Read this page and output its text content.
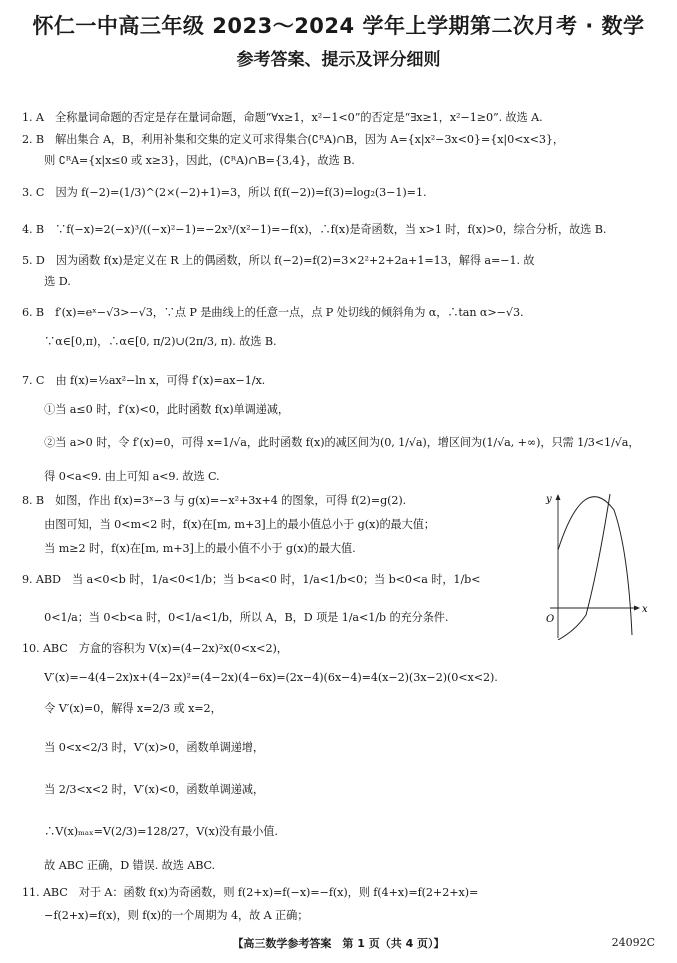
怀仁一中高三年级 2023～2024 学年上学期第二次月考 · 数学
参考答案、提示及评分细则
1. A　全称量词命题的否定是存在量词命题，命题“∀x≥1，x²−1<0”的否定是“∃x≥1，x²−1≥0”. 故选 A.
2. B　解出集合 A，B，利用补集和交集的定义可求得集合(∁ᴿA)∩B，因为 A={x|x²−3x<0}={x|0<x<3}，
　　则 ∁ᴿA={x|x≤0 或 x≥3}，因此，(∁ᴿA)∩B={3,4}，故选 B.
3. C　因为 f(−2)=(1/3)^(2×(−2)+1)=3，所以 f(f(−2))=f(3)=log₂(3−1)=1.
4. B　∵f(−x)=2(−x)³/((−x)²−1)=−2x³/(x²−1)=−f(x)，∴f(x)是奇函数，当 x>1 时，f(x)>0，综合分析，故选 B.
5. D　因为函数 f(x)是定义在 R 上的偶函数，所以 f(−2)=f(2)=3×2²+2+2a+1=13，解得 a=−1. 故
　　选 D.
6. B　f′(x)=eˣ−√3>−√3，∵点 P 是曲线上的任意一点，点 P 处切线的倾斜角为 α，∴tan α>−√3.
　　∵α∈[0,π)，∴α∈[0, π/2)∪(2π/3, π). 故选 B.
7. C　由 f(x)=½ax²−ln x，可得 f′(x)=ax−1/x.
　　①当 a≤0 时，f′(x)<0，此时函数 f(x)单调递减，
　　②当 a>0 时，令 f′(x)=0，可得 x=1/√a，此时函数 f(x)的减区间为(0, 1/√a)，增区间为(1/√a, +∞)，只需 1/3<1/√a，
　　得 0<a<9. 由上可知 a<9. 故选 C.
8. B　如图，作出 f(x)=3ˣ−3 与 g(x)=−x²+3x+4 的图象，可得 f(2)=g(2).
　　由图可知，当 0<m<2 时，f(x)在[m, m+3]上的最小值总小于 g(x)的最大值；
　　当 m≥2 时，f(x)在[m, m+3]上的最小值不小于 g(x)的最大值.
9. ABD　当 a<0<b 时，1/a<0<1/b；当 b<a<0 时，1/a<1/b<0；当 b<0<a 时，1/b<
　　0<1/a；当 0<b<a 时，0<1/a<1/b，所以 A，B，D 项是 1/a<1/b 的充分条件.
10. ABC　方盒的容积为 V(x)=(4−2x)²x(0<x<2)，
　　V′(x)=−4(4−2x)x+(4−2x)²=(4−2x)(4−6x)=(2x−4)(6x−4)=4(x−2)(3x−2)(0<x<2).
　　令 V′(x)=0，解得 x=2/3 或 x=2，
　　当 0<x<2/3 时，V′(x)>0，函数单调递增，
　　当 2/3<x<2 时，V′(x)<0，函数单调递减，
　　∴V(x)ₘₐₓ=V(2/3)=128/27，V(x)没有最小值.
　　故 ABC 正确，D 错误. 故选 ABC.
11. ABC　对于 A：函数 f(x)为奇函数，则 f(2+x)=f(−x)=−f(x)，则 f(4+x)=f(2+2+x)=
　　−f(2+x)=f(x)，则 f(x)的一个周期为 4，故 A 正确；
y
x
O
【高三数学参考答案　第 1 页（共 4 页）】	24092C
